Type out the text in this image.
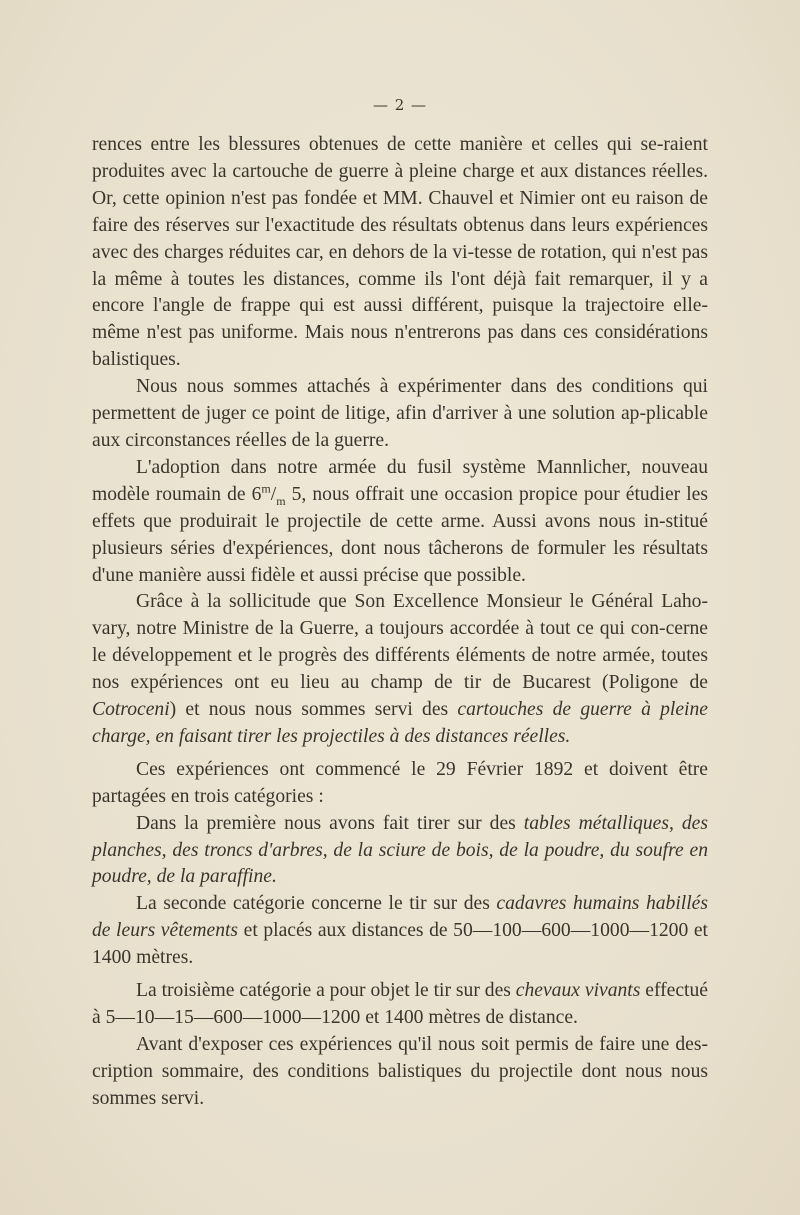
— 2 —

rences entre les blessures obtenues de cette manière et celles qui se-raient produites avec la cartouche de guerre à pleine charge et aux distances réelles. Or, cette opinion n'est pas fondée et MM. Chauvel et Nimier ont eu raison de faire des réserves sur l'exactitude des résultats obtenus dans leurs expériences avec des charges réduites car, en dehors de la vi-tesse de rotation, qui n'est pas la même à toutes les distances, comme ils l'ont déjà fait remarquer, il y a encore l'angle de frappe qui est aussi différent, puisque la trajectoire elle-même n'est pas uniforme. Mais nous n'entrerons pas dans ces considérations balistiques.

Nous nous sommes attachés à expérimenter dans des conditions qui permettent de juger ce point de litige, afin d'arriver à une solution ap-plicable aux circonstances réelles de la guerre.

L'adoption dans notre armée du fusil système Mannlicher, nouveau modèle roumain de $6^m/_m$ 5, nous offrait une occasion propice pour étudier les effets que produirait le projectile de cette arme. Aussi avons nous in-stitué plusieurs séries d'expériences, dont nous tâcherons de formuler les résultats d'une manière aussi fidèle et aussi précise que possible.

Grâce à la sollicitude que Son Excellence Monsieur le Général Laho-vary, notre Ministre de la Guerre, a toujours accordée à tout ce qui con-cerne le développement et le progrès des différents éléments de notre armée, toutes nos expériences ont eu lieu au champ de tir de Bucarest (Poligone de Cotroceni) et nous nous sommes servi des cartouches de guerre à pleine charge, en faisant tirer les projectiles à des distances réelles.

Ces expériences ont commencé le 29 Février 1892 et doivent être partagées en trois catégories :

Dans la première nous avons fait tirer sur des tables métalliques, des planches, des troncs d'arbres, de la sciure de bois, de la poudre, du soufre en poudre, de la paraffine.

La seconde catégorie concerne le tir sur des cadavres humains habillés de leurs vêtements et placés aux distances de 50—100—600—1000—1200 et 1400 mètres.

La troisième catégorie a pour objet le tir sur des chevaux vivants effectué à 5—10—15—600—1000—1200 et 1400 mètres de distance.

Avant d'exposer ces expériences qu'il nous soit permis de faire une des-cription sommaire, des conditions balistiques du projectile dont nous nous sommes servi.
